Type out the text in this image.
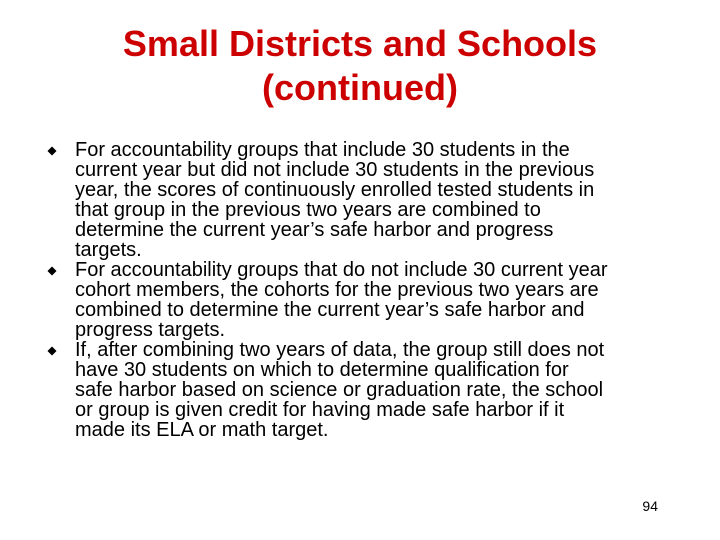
Small Districts and Schools
(continued)
For accountability groups that include 30 students in the
current year but did not include 30 students in the previous
year, the scores of continuously enrolled tested students in
that group in the previous two years are combined to
determine the current year’s safe harbor and progress
targets.
For accountability groups that do not include 30 current year
cohort members, the cohorts for the previous two years are
combined to determine the current year’s safe harbor and
progress targets.
If, after combining two years of data, the group still does not
have 30 students on which to determine qualification for
safe harbor based on science or graduation rate, the school
or group is given credit for having made safe harbor if it
made its ELA or math target.
94
